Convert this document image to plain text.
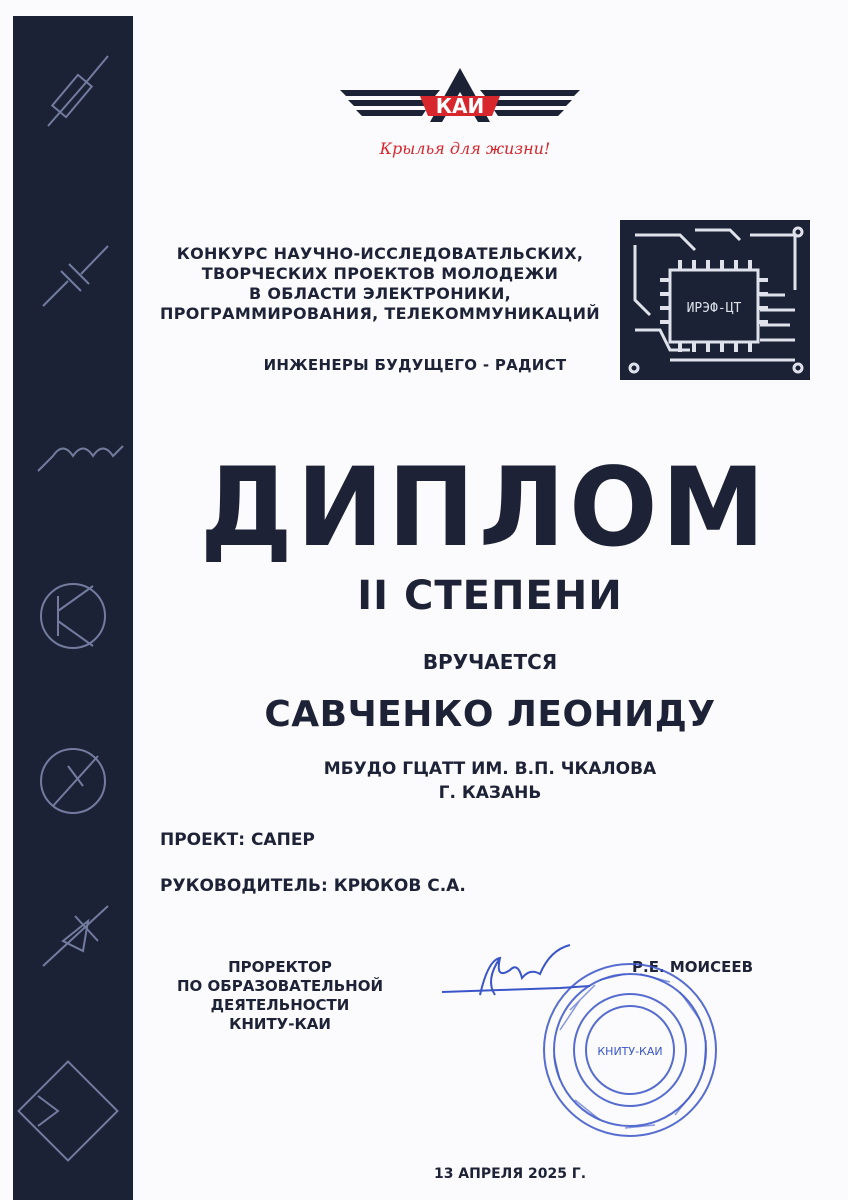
КАИ
Крылья для жизни!
ИРЭФ-ЦТ
КОНКУРС НАУЧНО-ИССЛЕДОВАТЕЛЬСКИХ,
ТВОРЧЕСКИХ ПРОЕКТОВ МОЛОДЕЖИ
В ОБЛАСТИ ЭЛЕКТРОНИКИ,
ПРОГРАММИРОВАНИЯ, ТЕЛЕКОММУНИКАЦИЙ
ИНЖЕНЕРЫ БУДУЩЕГО - РАДИСТ
ДИПЛОМ
II СТЕПЕНИ
ВРУЧАЕТСЯ
САВЧЕНКО ЛЕОНИДУ
МБУДО ГЦАТТ ИМ. В.П. ЧКАЛОВА
Г. КАЗАНЬ
ПРОЕКТ: САПЕР
РУКОВОДИТЕЛЬ: КРЮКОВ С.А.
ПРОРЕКТОР
ПО ОБРАЗОВАТЕЛЬНОЙ
ДЕЯТЕЛЬНОСТИ
КНИТУ-КАИ
Р.Е. МОИСЕЕВ
КНИТУ-КАИ
13 АПРЕЛЯ 2025 Г.
